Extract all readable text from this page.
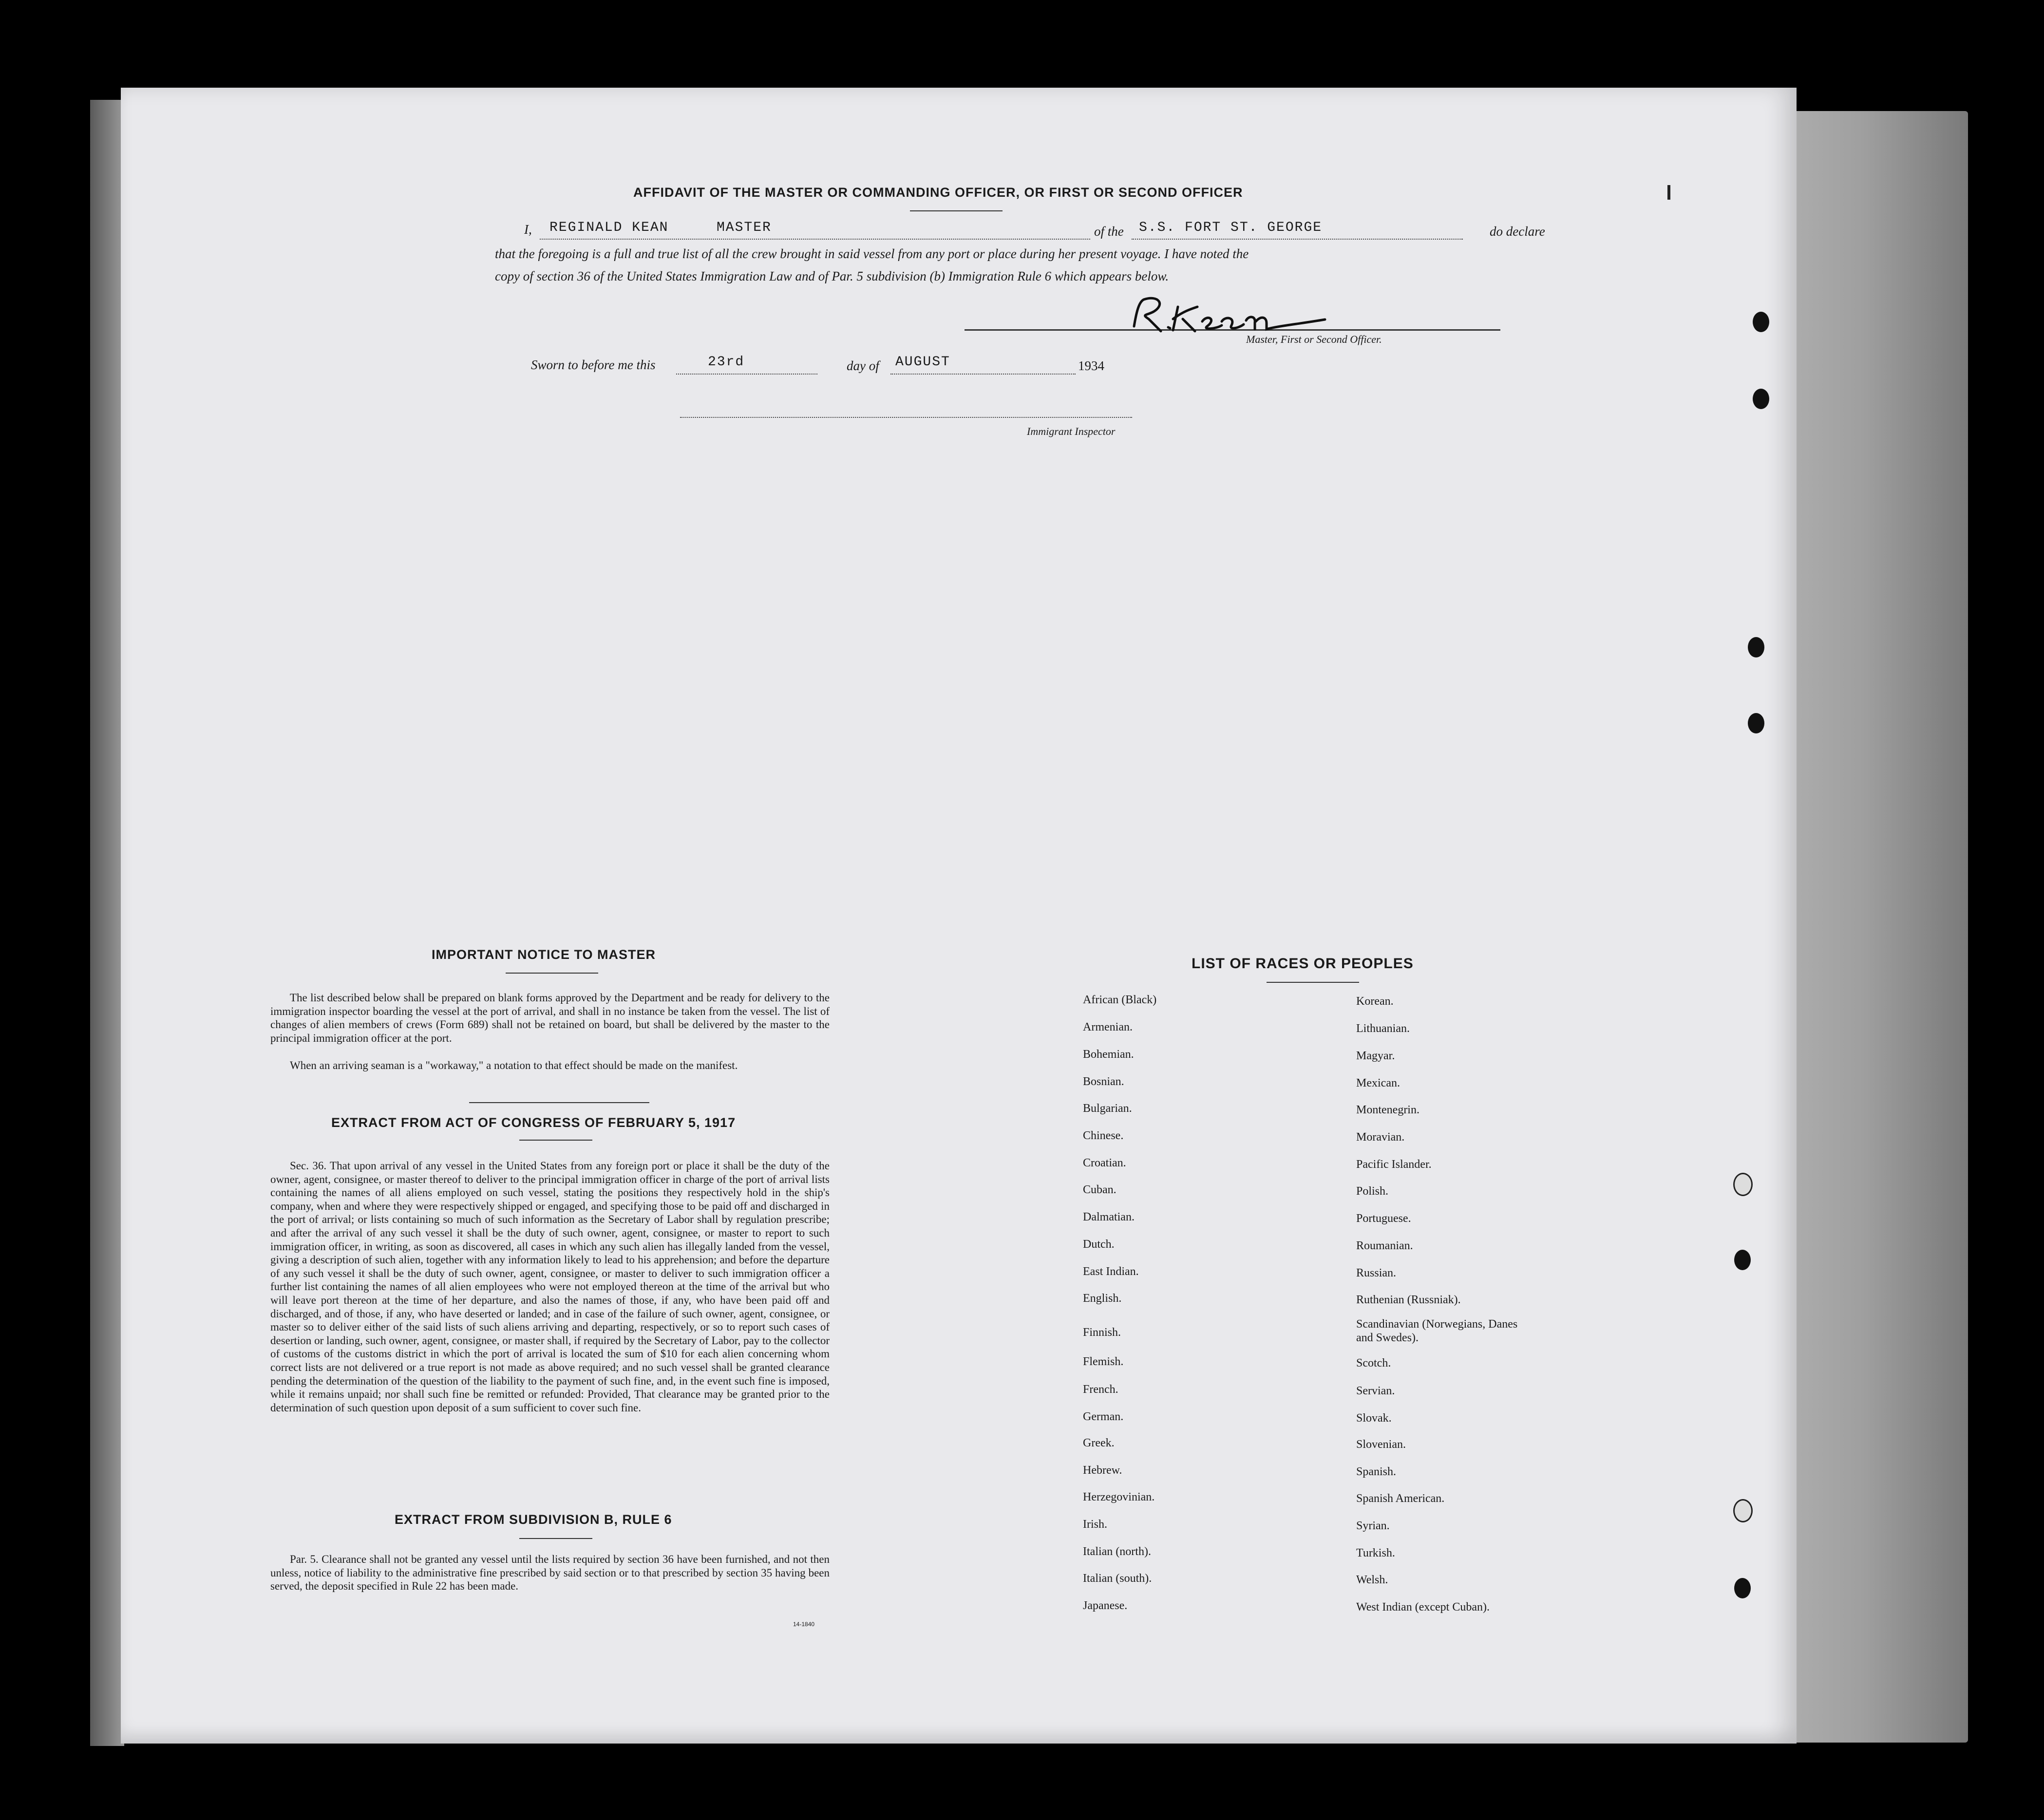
AFFIDAVIT OF THE MASTER OR COMMANDING OFFICER, OR FIRST OR SECOND OFFICER
I, REGINALD KEAN	MASTER	of the S.S. FORT ST. GEORGE	do declare
that the foregoing is a full and true list of all the crew brought in said vessel from any port or place during her present voyage. I have noted the
copy of section 36 of the United States Immigration Law and of Par. 5 subdivision (b) Immigration Rule 6 which appears below.
Master, First or Second Officer.
Sworn to before me this	23rd	day of AUGUST	1934
Immigrant Inspector
IMPORTANT NOTICE TO MASTER
The list described below shall be prepared on blank forms approved by the Department and be ready for delivery to the immigration inspector boarding the vessel at the port of arrival, and shall in no instance be taken from the vessel. The list of changes of alien members of crews (Form 689) shall not be retained on board, but shall be delivered by the master to the principal immigration officer at the port.
When an arriving seaman is a "workaway," a notation to that effect should be made on the manifest.
EXTRACT FROM ACT OF CONGRESS OF FEBRUARY 5, 1917
Sec. 36. That upon arrival of any vessel in the United States from any foreign port or place it shall be the duty of the owner, agent, consignee, or master thereof to deliver to the principal immigration officer in charge of the port of arrival lists containing the names of all aliens employed on such vessel, stating the positions they respectively hold in the ship's company, when and where they were respectively shipped or engaged, and specifying those to be paid off and discharged in the port of arrival; or lists containing so much of such information as the Secretary of Labor shall by regulation prescribe; and after the arrival of any such vessel it shall be the duty of such owner, agent, consignee, or master to report to such immigration officer, in writing, as soon as discovered, all cases in which any such alien has illegally landed from the vessel, giving a description of such alien, together with any information likely to lead to his apprehension; and before the departure of any such vessel it shall be the duty of such owner, agent, consignee, or master to deliver to such immigration officer a further list containing the names of all alien employees who were not employed thereon at the time of the arrival but who will leave port thereon at the time of her departure, and also the names of those, if any, who have been paid off and discharged, and of those, if any, who have deserted or landed; and in case of the failure of such owner, agent, consignee, or master so to deliver either of the said lists of such aliens arriving and departing, respectively, or so to report such cases of desertion or landing, such owner, agent, consignee, or master shall, if required by the Secretary of Labor, pay to the collector of customs of the customs district in which the port of arrival is located the sum of $10 for each alien concerning whom correct lists are not delivered or a true report is not made as above required; and no such vessel shall be granted clearance pending the determination of the question of the liability to the payment of such fine, and, in the event such fine is imposed, while it remains unpaid; nor shall such fine be remitted or refunded: Provided, That clearance may be granted prior to the determination of such question upon deposit of a sum sufficient to cover such fine.
EXTRACT FROM SUBDIVISION B, RULE 6
Par. 5. Clearance shall not be granted any vessel until the lists required by section 36 have been furnished, and not then unless, notice of liability to the administrative fine prescribed by said section or to that prescribed by section 35 having been served, the deposit specified in Rule 22 has been made.
14-1840
LIST OF RACES OR PEOPLES
African (Black)
Armenian.
Bohemian.
Bosnian.
Bulgarian.
Chinese.
Croatian.
Cuban.
Dalmatian.
Dutch.
East Indian.
English.
Finnish.
Flemish.
French.
German.
Greek.
Hebrew.
Herzegovinian.
Irish.
Italian (north).
Italian (south).
Japanese.
Korean.
Lithuanian.
Magyar.
Mexican.
Montenegrin.
Moravian.
Pacific Islander.
Polish.
Portuguese.
Roumanian.
Russian.
Ruthenian (Russniak).
Scandinavian (Norwegians, Danes and Swedes).
Scotch.
Servian.
Slovak.
Slovenian.
Spanish.
Spanish American.
Syrian.
Turkish.
Welsh.
West Indian (except Cuban).
